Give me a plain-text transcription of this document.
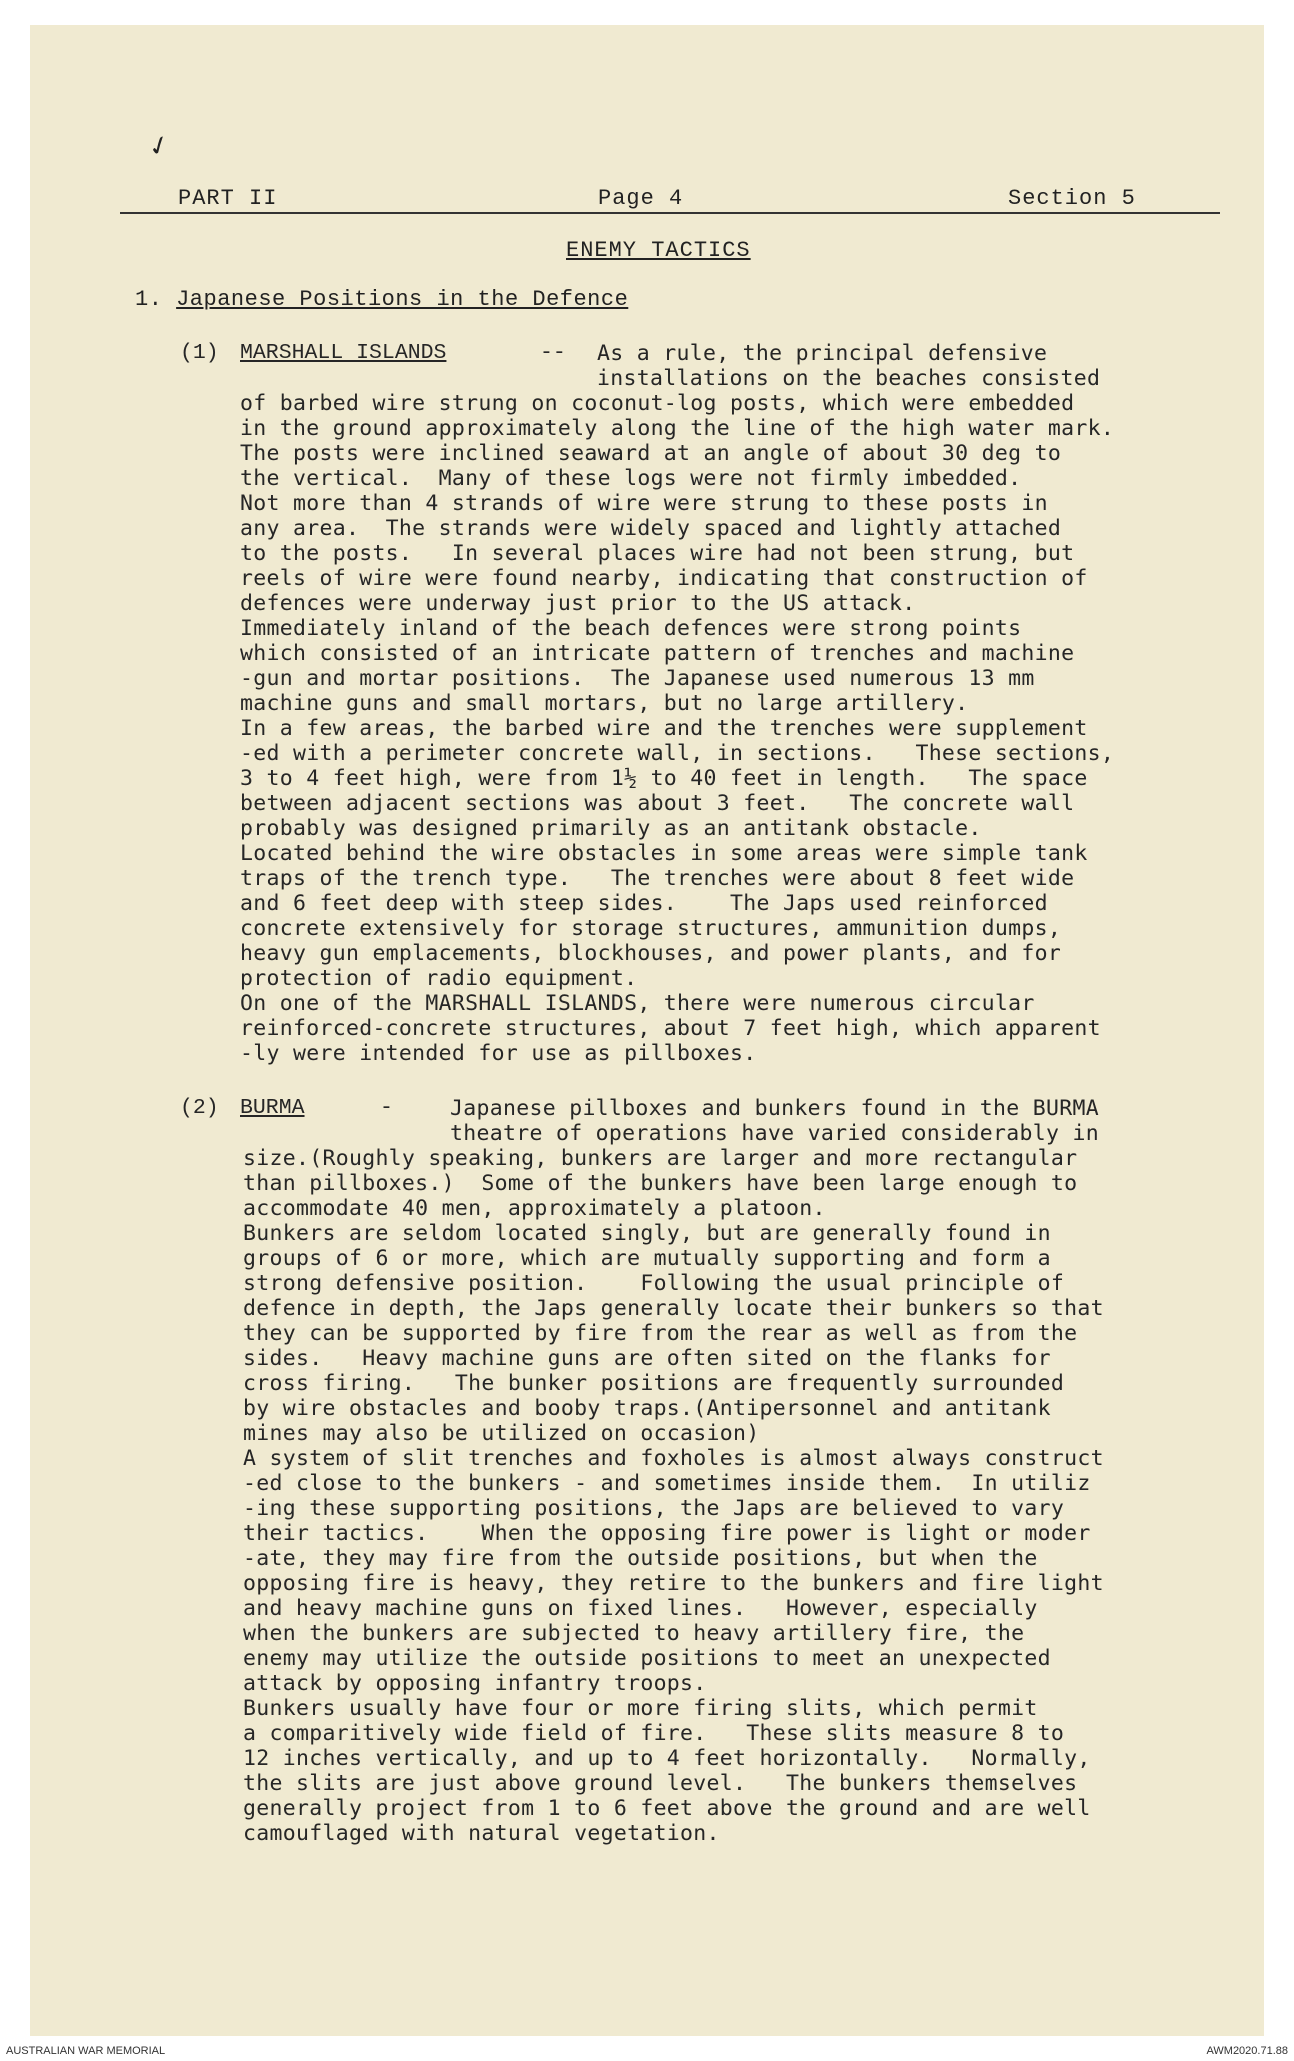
✓
PART II	Page 4	Section 5
ENEMY TACTICS
1. Japanese Positions in the Defence
(1) MARSHALL ISLANDS	-- As a rule, the principal defensive
installations on the beaches consisted
of barbed wire strung on coconut-log posts, which were embedded
in the ground approximately along the line of the high water mark.
The posts were inclined seaward at an angle of about 30 deg to
the vertical.  Many of these logs were not firmly imbedded.
Not more than 4 strands of wire were strung to these posts in
any area.  The strands were widely spaced and lightly attached
to the posts.   In several places wire had not been strung, but
reels of wire were found nearby, indicating that construction of
defences were underway just prior to the US attack.
Immediately inland of the beach defences were strong points
which consisted of an intricate pattern of trenches and machine
-gun and mortar positions.  The Japanese used numerous 13 mm
machine guns and small mortars, but no large artillery.
In a few areas, the barbed wire and the trenches were supplement
-ed with a perimeter concrete wall, in sections.   These sections,
3 to 4 feet high, were from 1½ to 40 feet in length.   The space
between adjacent sections was about 3 feet.   The concrete wall
probably was designed primarily as an antitank obstacle.
Located behind the wire obstacles in some areas were simple tank
traps of the trench type.   The trenches were about 8 feet wide
and 6 feet deep with steep sides.    The Japs used reinforced
concrete extensively for storage structures, ammunition dumps,
heavy gun emplacements, blockhouses, and power plants, and for
protection of radio equipment.
On one of the MARSHALL ISLANDS, there were numerous circular
reinforced-concrete structures, about 7 feet high, which apparent
-ly were intended for use as pillboxes.
(2) BURMA	-	Japanese pillboxes and bunkers found in the BURMA
theatre of operations have varied considerably in
size.(Roughly speaking, bunkers are larger and more rectangular
than pillboxes.)  Some of the bunkers have been large enough to
accommodate 40 men, approximately a platoon.
Bunkers are seldom located singly, but are generally found in
groups of 6 or more, which are mutually supporting and form a
strong defensive position.    Following the usual principle of
defence in depth, the Japs generally locate their bunkers so that
they can be supported by fire from the rear as well as from the
sides.   Heavy machine guns are often sited on the flanks for
cross firing.   The bunker positions are frequently surrounded
by wire obstacles and booby traps.(Antipersonnel and antitank
mines may also be utilized on occasion)
A system of slit trenches and foxholes is almost always construct
-ed close to the bunkers - and sometimes inside them.  In utiliz
-ing these supporting positions, the Japs are believed to vary
their tactics.    When the opposing fire power is light or moder
-ate, they may fire from the outside positions, but when the
opposing fire is heavy, they retire to the bunkers and fire light
and heavy machine guns on fixed lines.   However, especially
when the bunkers are subjected to heavy artillery fire, the
enemy may utilize the outside positions to meet an unexpected
attack by opposing infantry troops.
Bunkers usually have four or more firing slits, which permit
a comparitively wide field of fire.   These slits measure 8 to
12 inches vertically, and up to 4 feet horizontally.   Normally,
the slits are just above ground level.   The bunkers themselves
generally project from 1 to 6 feet above the ground and are well
camouflaged with natural vegetation.
AUSTRALIAN WAR MEMORIAL	AWM2020.71.88
